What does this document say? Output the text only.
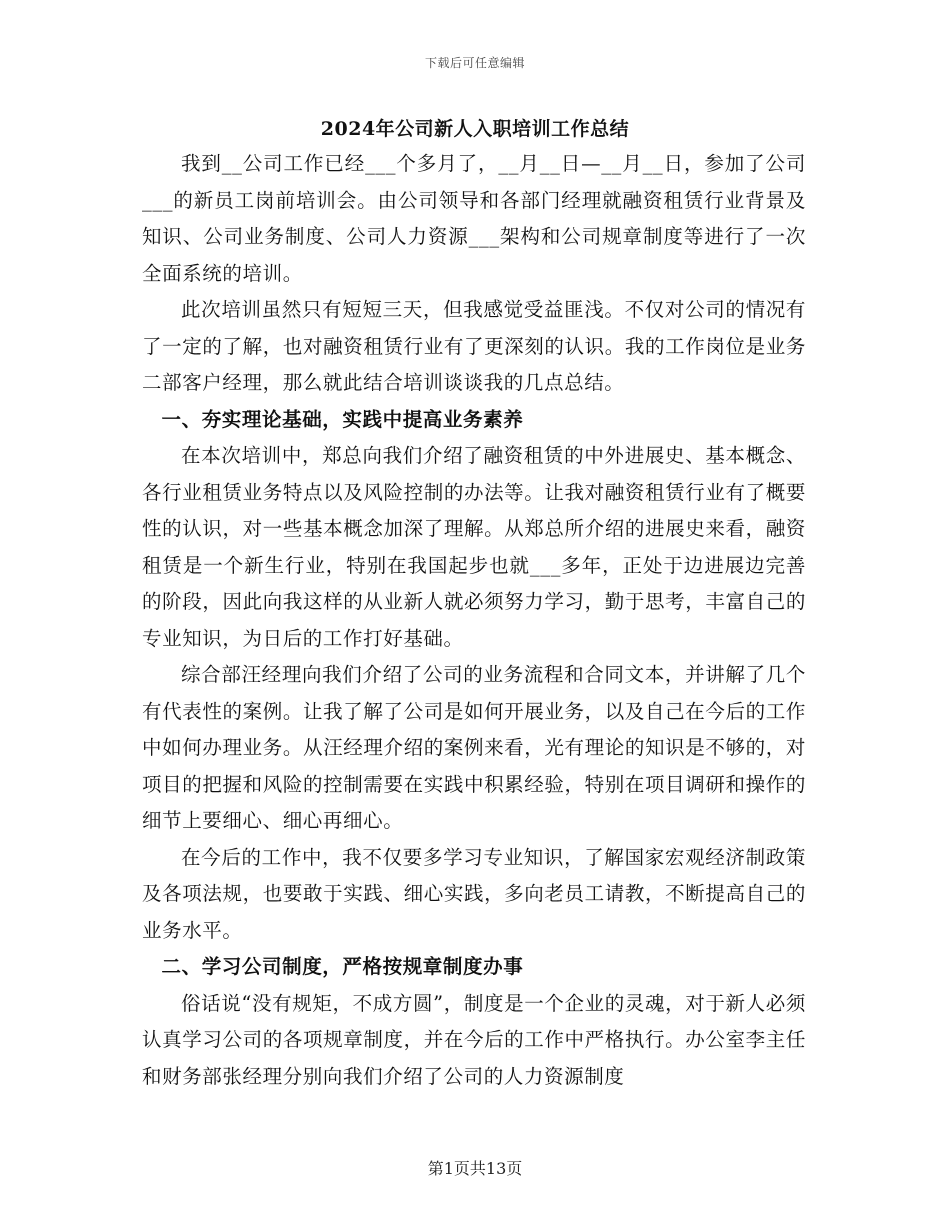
下载后可任意编辑
2024年公司新人入职培训工作总结

我到__公司工作已经___个多月了，__月__日—__月__日，参加了公司___的新员工岗前培训会。由公司领导和各部门经理就融资租赁行业背景及知识、公司业务制度、公司人力资源___架构和公司规章制度等进行了一次全面系统的培训。

此次培训虽然只有短短三天，但我感觉受益匪浅。不仅对公司的情况有了一定的了解，也对融资租赁行业有了更深刻的认识。我的工作岗位是业务二部客户经理，那么就此结合培训谈谈我的几点总结。

一、夯实理论基础，实践中提高业务素养

在本次培训中，郑总向我们介绍了融资租赁的中外进展史、基本概念、各行业租赁业务特点以及风险控制的办法等。让我对融资租赁行业有了概要性的认识，对一些基本概念加深了理解。从郑总所介绍的进展史来看，融资租赁是一个新生行业，特别在我国起步也就___多年，正处于边进展边完善的阶段，因此向我这样的从业新人就必须努力学习，勤于思考，丰富自己的专业知识，为日后的工作打好基础。

综合部汪经理向我们介绍了公司的业务流程和合同文本，并讲解了几个有代表性的案例。让我了解了公司是如何开展业务，以及自己在今后的工作中如何办理业务。从汪经理介绍的案例来看，光有理论的知识是不够的，对项目的把握和风险的控制需要在实践中积累经验，特别在项目调研和操作的细节上要细心、细心再细心。

在今后的工作中，我不仅要多学习专业知识，了解国家宏观经济制政策及各项法规，也要敢于实践、细心实践，多向老员工请教，不断提高自己的业务水平。

二、学习公司制度，严格按规章制度办事

俗话说“没有规矩，不成方圆”，制度是一个企业的灵魂，对于新人必须认真学习公司的各项规章制度，并在今后的工作中严格执行。办公室李主任和财务部张经理分别向我们介绍了公司的人力资源制度

第1页共13页
